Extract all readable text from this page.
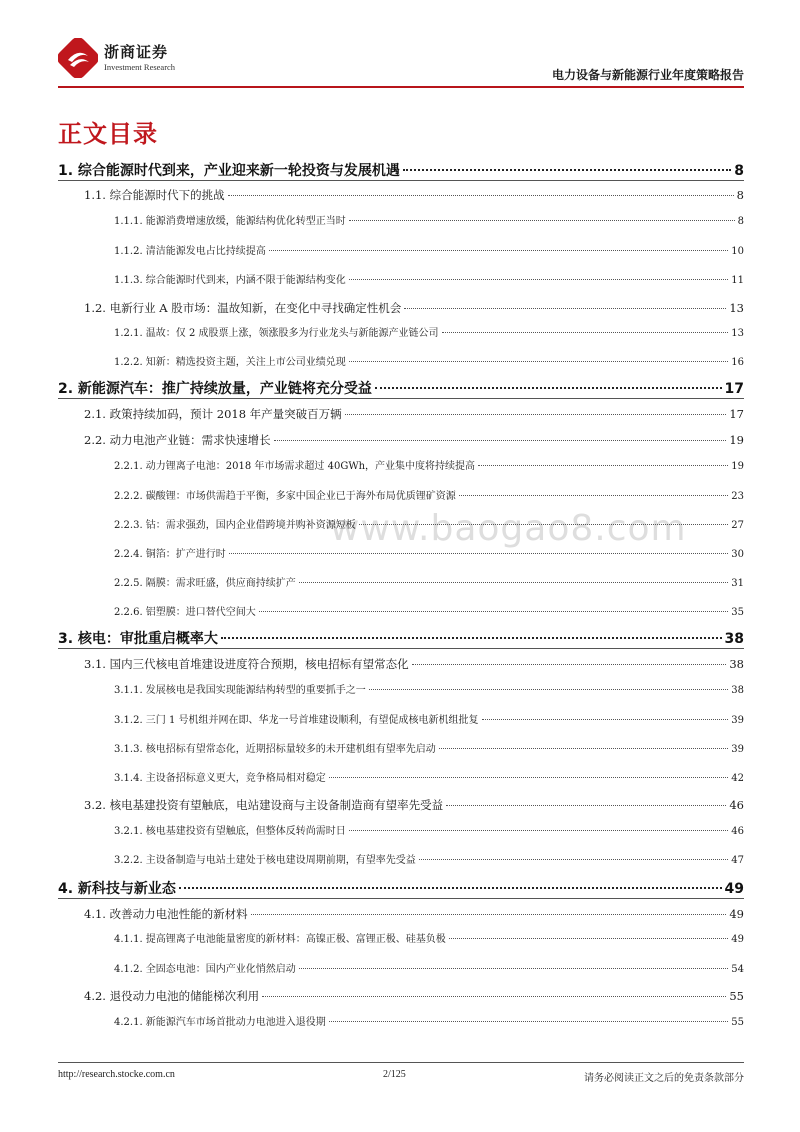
浙商证券
Investment Research
电力设备与新能源行业年度策略报告
正文目录
www.baogao8.com
1. 综合能源时代到来，产业迎来新一轮投资与发展机遇	8
1.1. 综合能源时代下的挑战	8
1.1.1. 能源消费增速放缓，能源结构优化转型正当时	8
1.1.2. 清洁能源发电占比持续提高	10
1.1.3. 综合能源时代到来，内涵不限于能源结构变化	11
1.2. 电新行业 A 股市场：温故知新，在变化中寻找确定性机会	13
1.2.1. 温故：仅 2 成股票上涨，领涨股多为行业龙头与新能源产业链公司	13
1.2.2. 知新：精选投资主题，关注上市公司业绩兑现	16
2. 新能源汽车：推广持续放量，产业链将充分受益	17
2.1. 政策持续加码，预计 2018 年产量突破百万辆	17
2.2. 动力电池产业链：需求快速增长	19
2.2.1. 动力锂离子电池：2018 年市场需求超过 40GWh，产业集中度将持续提高	19
2.2.2. 碳酸锂：市场供需趋于平衡，多家中国企业已于海外布局优质锂矿资源	23
2.2.3. 钴：需求强劲，国内企业借跨境并购补资源短板	27
2.2.4. 铜箔：扩产进行时	30
2.2.5. 隔膜：需求旺盛，供应商持续扩产	31
2.2.6. 铝塑膜：进口替代空间大	35
3. 核电：审批重启概率大	38
3.1. 国内三代核电首堆建设进度符合预期，核电招标有望常态化	38
3.1.1. 发展核电是我国实现能源结构转型的重要抓手之一	38
3.1.2. 三门 1 号机组并网在即、华龙一号首堆建设顺利，有望促成核电新机组批复	39
3.1.3. 核电招标有望常态化，近期招标量较多的未开建机组有望率先启动	39
3.1.4. 主设备招标意义更大，竞争格局相对稳定	42
3.2. 核电基建投资有望触底，电站建设商与主设备制造商有望率先受益	46
3.2.1. 核电基建投资有望触底，但整体反转尚需时日	46
3.2.2. 主设备制造与电站土建处于核电建设周期前期，有望率先受益	47
4. 新科技与新业态	49
4.1. 改善动力电池性能的新材料	49
4.1.1. 提高锂离子电池能量密度的新材料：高镍正极、富锂正极、硅基负极	49
4.1.2. 全固态电池：国内产业化悄然启动	54
4.2. 退役动力电池的储能梯次利用	55
4.2.1. 新能源汽车市场首批动力电池进入退役期	55
http://research.stocke.com.cn	2/125	请务必阅读正文之后的免责条款部分
